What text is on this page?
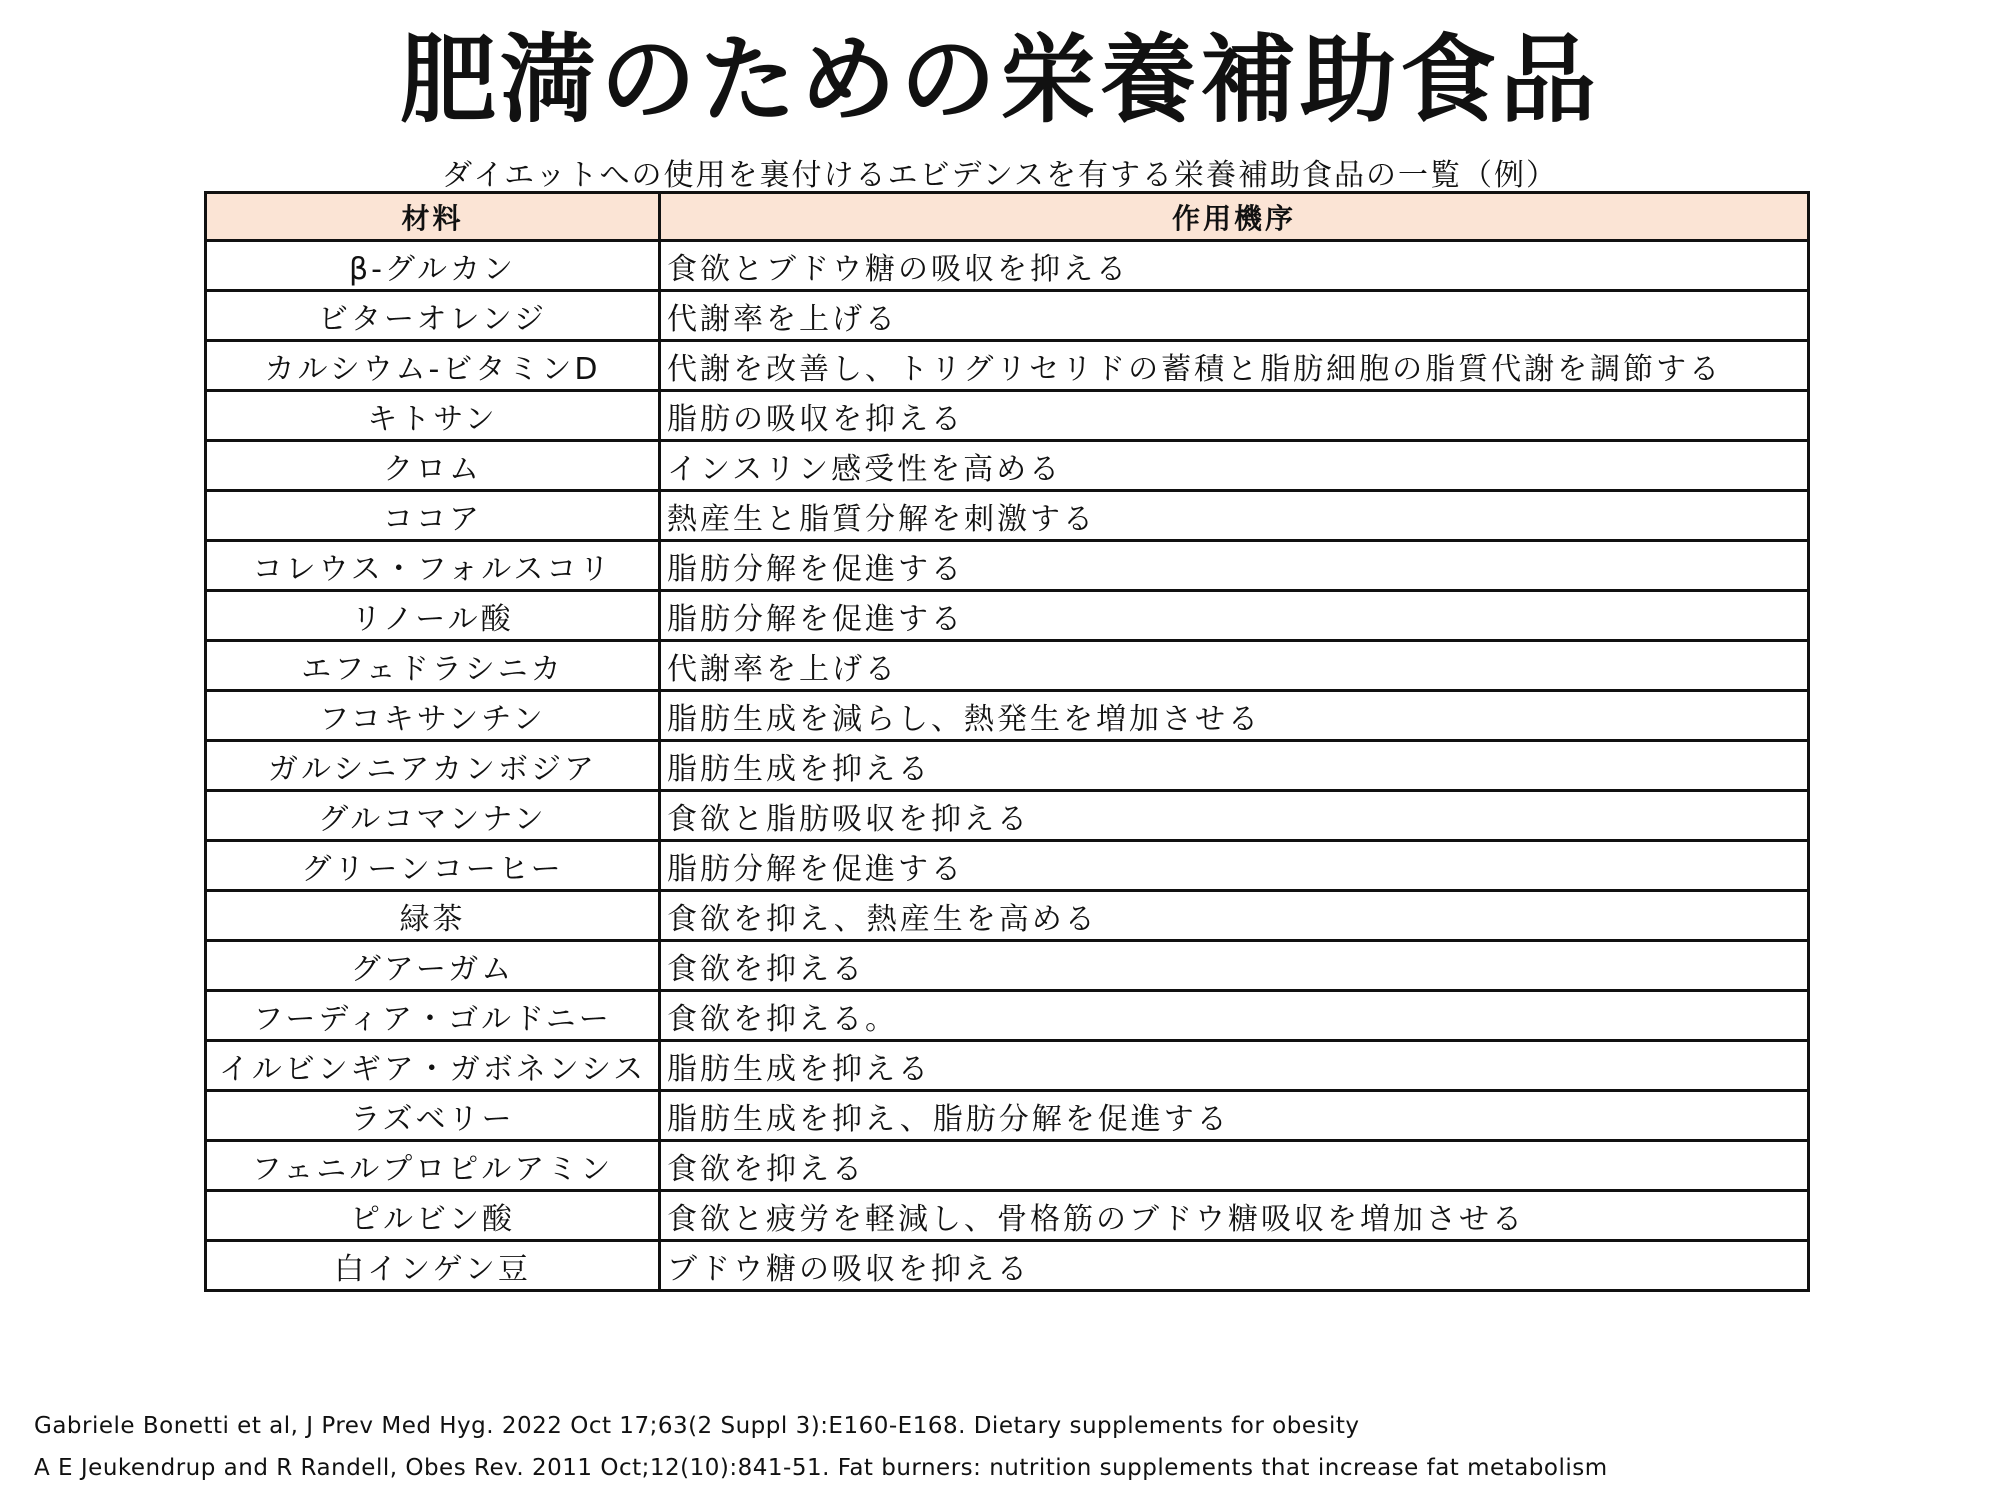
肥満のための栄養補助食品
ダイエットへの使用を裏付けるエビデンスを有する栄養補助食品の一覧（例）
材料	作用機序
β-グルカン	食欲とブドウ糖の吸収を抑える
ビターオレンジ	代謝率を上げる
カルシウム-ビタミンD	代謝を改善し、トリグリセリドの蓄積と脂肪細胞の脂質代謝を調節する
キトサン	脂肪の吸収を抑える
クロム	インスリン感受性を高める
ココア	熱産生と脂質分解を刺激する
コレウス・フォルスコリ	脂肪分解を促進する
リノール酸	脂肪分解を促進する
エフェドラシニカ	代謝率を上げる
フコキサンチン	脂肪生成を減らし、熱発生を増加させる
ガルシニアカンボジア	脂肪生成を抑える
グルコマンナン	食欲と脂肪吸収を抑える
グリーンコーヒー	脂肪分解を促進する
緑茶	食欲を抑え、熱産生を高める
グアーガム	食欲を抑える
フーディア・ゴルドニー	食欲を抑える。
イルビンギア・ガボネンシス	脂肪生成を抑える
ラズベリー	脂肪生成を抑え、脂肪分解を促進する
フェニルプロピルアミン	食欲を抑える
ピルビン酸	食欲と疲労を軽減し、骨格筋のブドウ糖吸収を増加させる
白インゲン豆	ブドウ糖の吸収を抑える
Gabriele Bonetti et al, J Prev Med Hyg. 2022 Oct 17;63(2 Suppl 3):E160-E168. Dietary supplements for obesity
A E Jeukendrup and R Randell, Obes Rev. 2011 Oct;12(10):841-51. Fat burners: nutrition supplements that increase fat metabolism
